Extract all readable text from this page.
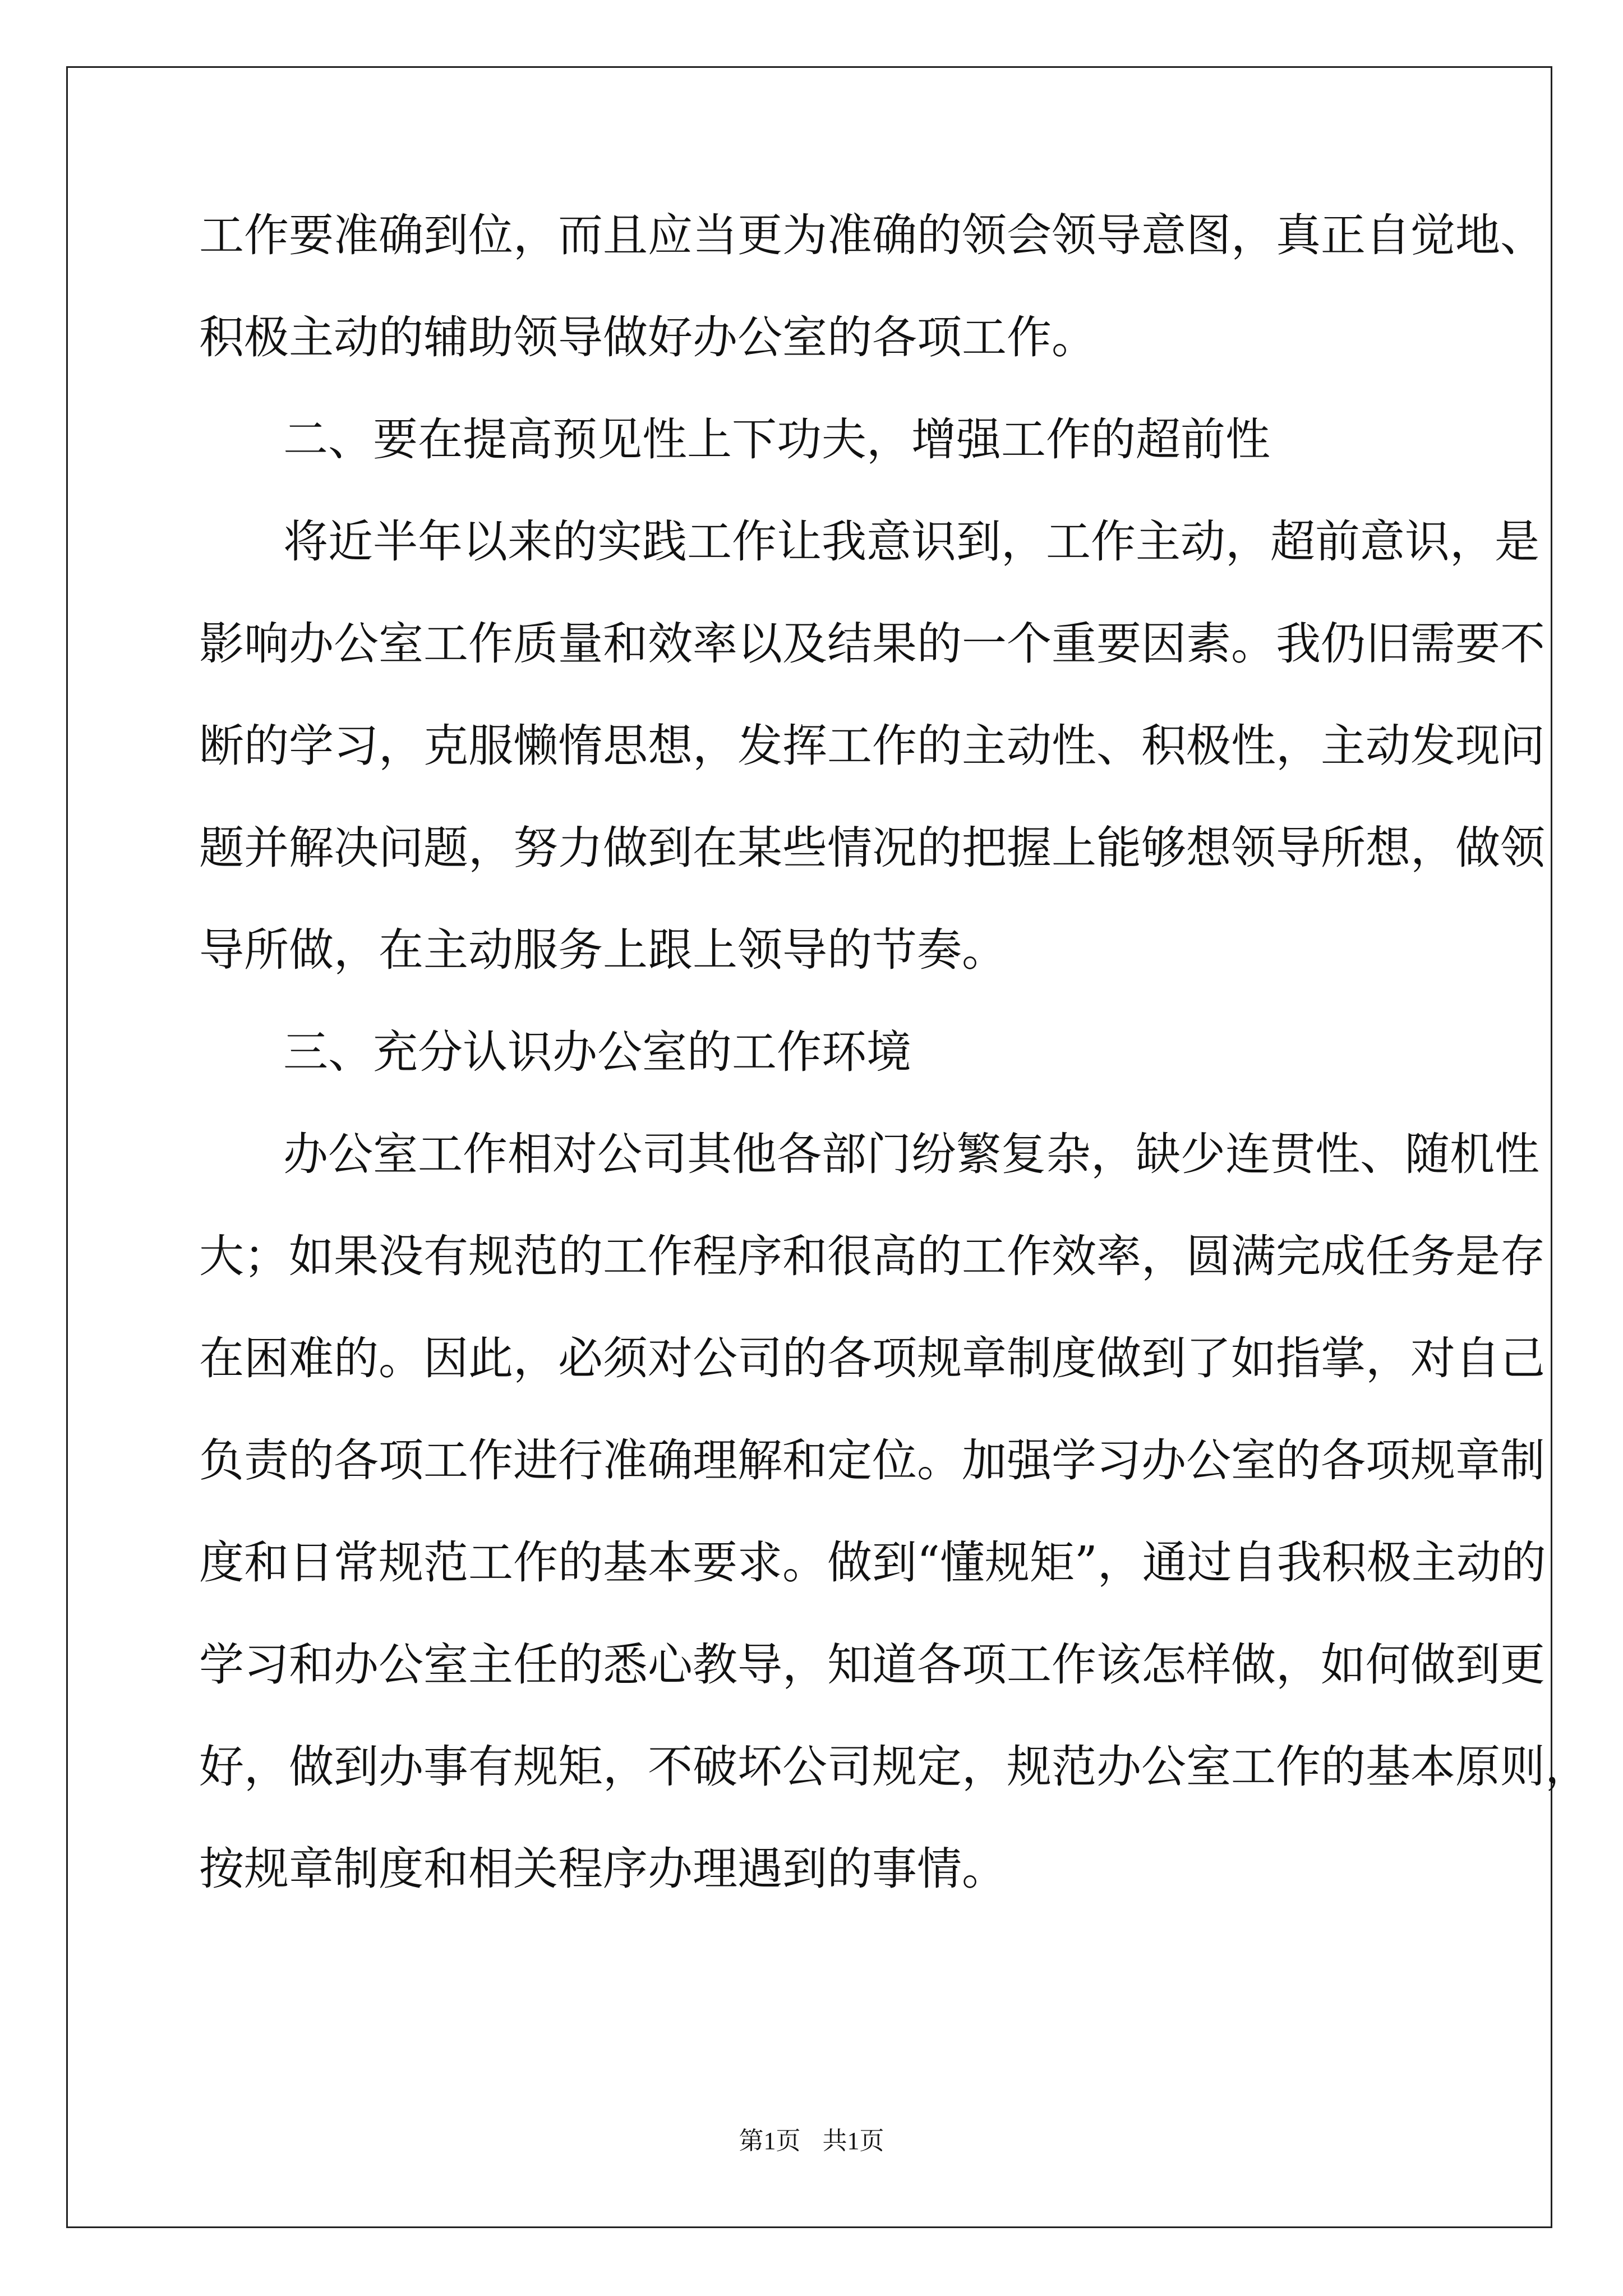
工作要准确到位，而且应当更为准确的领会领导意图，真正自觉地、
积极主动的辅助领导做好办公室的各项工作。
二、要在提高预见性上下功夫，增强工作的超前性
将近半年以来的实践工作让我意识到，工作主动，超前意识，是
影响办公室工作质量和效率以及结果的一个重要因素。我仍旧需要不
断的学习，克服懒惰思想，发挥工作的主动性、积极性，主动发现问
题并解决问题，努力做到在某些情况的把握上能够想领导所想，做领
导所做，在主动服务上跟上领导的节奏。
三、充分认识办公室的工作环境
办公室工作相对公司其他各部门纷繁复杂，缺少连贯性、随机性
大；如果没有规范的工作程序和很高的工作效率，圆满完成任务是存
在困难的。因此，必须对公司的各项规章制度做到了如指掌，对自己
负责的各项工作进行准确理解和定位。加强学习办公室的各项规章制
度和日常规范工作的基本要求。做到“懂规矩”，通过自我积极主动的
学习和办公室主任的悉心教导，知道各项工作该怎样做，如何做到更
好，做到办事有规矩，不破坏公司规定，规范办公室工作的基本原则，
按规章制度和相关程序办理遇到的事情。
第1页 共1页
